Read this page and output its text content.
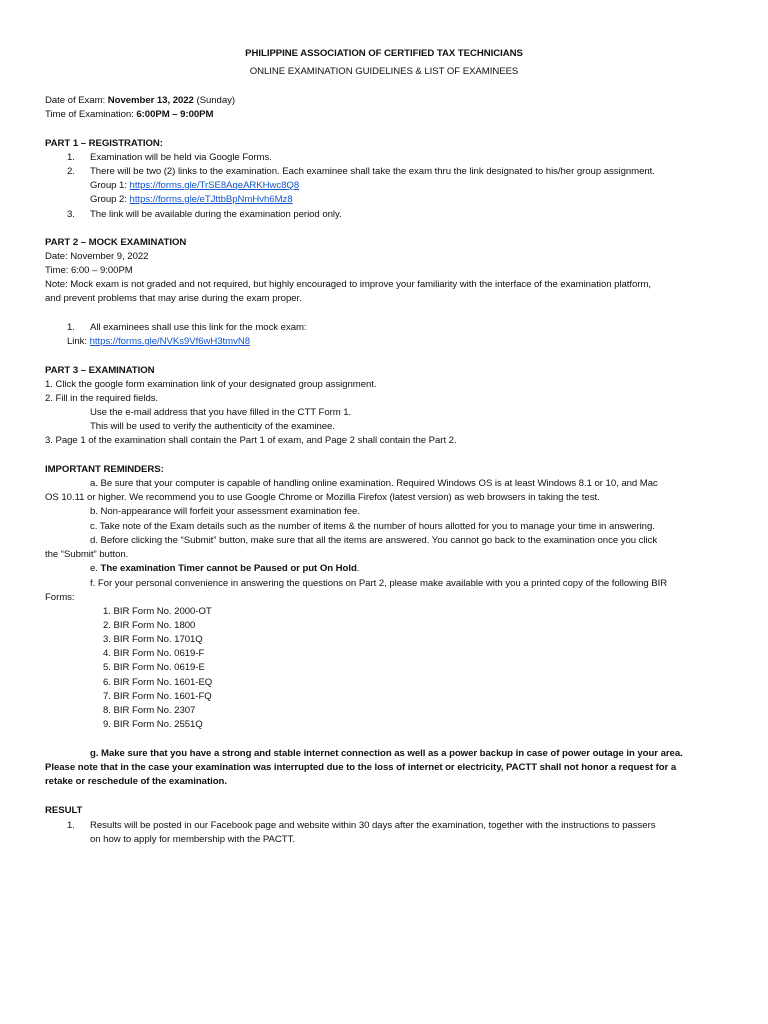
PHILIPPINE ASSOCIATION OF CERTIFIED TAX TECHNICIANS
ONLINE EXAMINATION GUIDELINES & LIST OF EXAMINEES
Date of Exam: November 13, 2022 (Sunday)
Time of Examination: 6:00PM – 9:00PM
PART 1 – REGISTRATION:
1. Examination will be held via Google Forms.
2. There will be two (2) links to the examination. Each examinee shall take the exam thru the link designated to his/her group assignment.
Group 1: https://forms.gle/TrSE8AqeARKHwc8Q8
Group 2: https://forms.gle/eTJttbBpNmHvh6Mz8
3. The link will be available during the examination period only.
PART 2 – MOCK EXAMINATION
Date: November 9, 2022
Time: 6:00 – 9:00PM
Note: Mock exam is not graded and not required, but highly encouraged to improve your familiarity with the interface of the examination platform,
and prevent problems that may arise during the exam proper.
1. All examinees shall use this link for the mock exam:
Link: https://forms.gle/NVKs9Vf6wH3tmvN8
PART 3 – EXAMINATION
1. Click the google form examination link of your designated group assignment.
2. Fill in the required fields.
Use the e-mail address that you have filled in the CTT Form 1.
This will be used to verify the authenticity of the examinee.
3. Page 1 of the examination shall contain the Part 1 of exam, and Page 2 shall contain the Part 2.
IMPORTANT REMINDERS:
a. Be sure that your computer is capable of handling online examination. Required Windows OS is at least Windows 8.1 or 10, and Mac
OS 10.11 or higher. We recommend you to use Google Chrome or Mozilla Firefox (latest version) as web browsers in taking the test.
b. Non-appearance will forfeit your assessment examination fee.
c. Take note of the Exam details such as the number of items & the number of hours allotted for you to manage your time in answering.
d. Before clicking the “Submit” button, make sure that all the items are answered. You cannot go back to the examination once you click
the “Submit” button.
e. The examination Timer cannot be Paused or put On Hold.
f. For your personal convenience in answering the questions on Part 2, please make available with you a printed copy of the following BIR
Forms:
1. BIR Form No. 2000-OT
2. BIR Form No. 1800
3. BIR Form No. 1701Q
4. BIR Form No. 0619-F
5. BIR Form No. 0619-E
6. BIR Form No. 1601-EQ
7. BIR Form No. 1601-FQ
8. BIR Form No. 2307
9. BIR Form No. 2551Q
g. Make sure that you have a strong and stable internet connection as well as a power backup in case of power outage in your area.
Please note that in the case your examination was interrupted due to the loss of internet or electricity, PACTT shall not honor a request for a
retake or reschedule of the examination.
RESULT
1. Results will be posted in our Facebook page and website within 30 days after the examination, together with the instructions to passers
on how to apply for membership with the PACTT.
